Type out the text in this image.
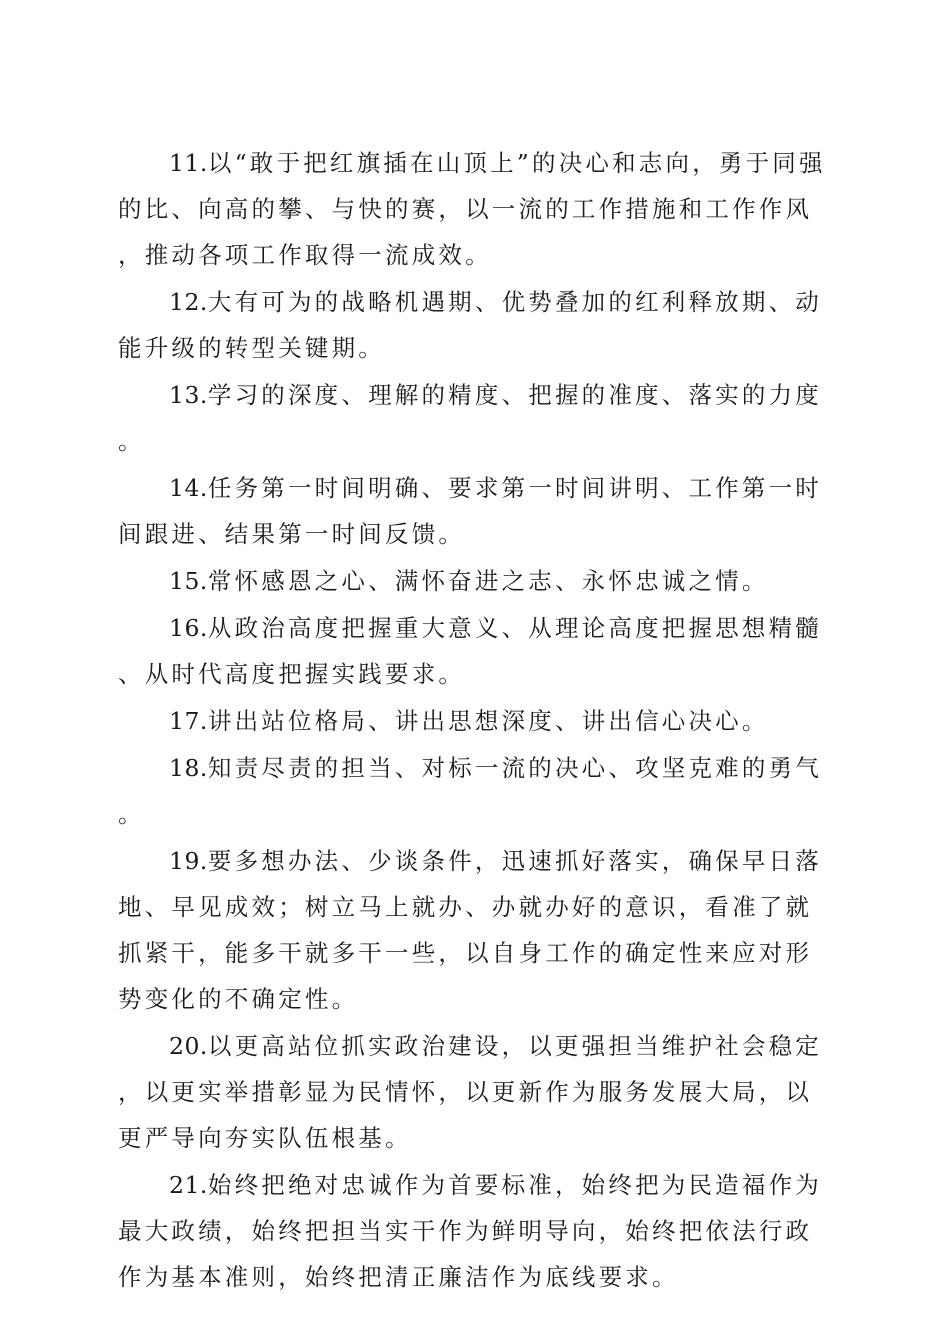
11.以“敢于把红旗插在山顶上”的决心和志向，勇于同强的比、向高的攀、与快的赛，以一流的工作措施和工作作风，推动各项工作取得一流成效。

12.大有可为的战略机遇期、优势叠加的红利释放期、动能升级的转型关键期。

13.学习的深度、理解的精度、把握的准度、落实的力度。

14.任务第一时间明确、要求第一时间讲明、工作第一时间跟进、结果第一时间反馈。

15.常怀感恩之心、满怀奋进之志、永怀忠诚之情。

16.从政治高度把握重大意义、从理论高度把握思想精髓、从时代高度把握实践要求。

17.讲出站位格局、讲出思想深度、讲出信心决心。

18.知责尽责的担当、对标一流的决心、攻坚克难的勇气。

19.要多想办法、少谈条件，迅速抓好落实，确保早日落地、早见成效；树立马上就办、办就办好的意识，看准了就抓紧干，能多干就多干一些，以自身工作的确定性来应对形势变化的不确定性。

20.以更高站位抓实政治建设，以更强担当维护社会稳定，以更实举措彰显为民情怀，以更新作为服务发展大局，以更严导向夯实队伍根基。

21.始终把绝对忠诚作为首要标准，始终把为民造福作为最大政绩，始终把担当实干作为鲜明导向，始终把依法行政作为基本准则，始终把清正廉洁作为底线要求。
